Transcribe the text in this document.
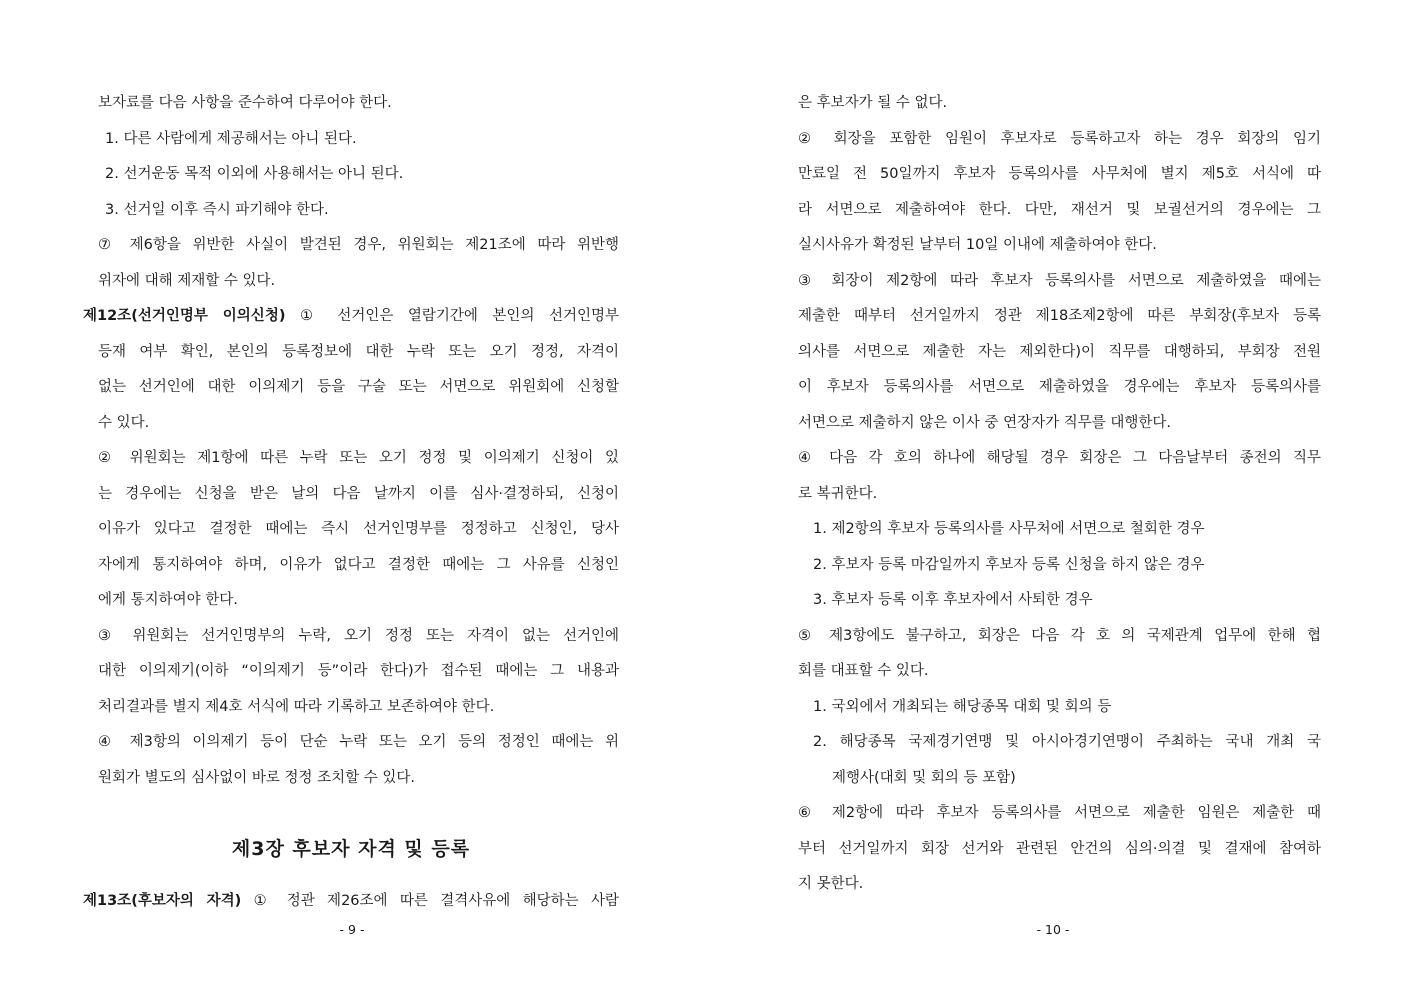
보자료를 다음 사항을 준수하여 다루어야 한다.
1. 다른 사람에게 제공해서는 아니 된다.
2. 선거운동 목적 이외에 사용해서는 아니 된다.
3. 선거일 이후 즉시 파기해야 한다.
⑦ 제6항을 위반한 사실이 발견된 경우, 위원회는 제21조에 따라 위반행
위자에 대해 제재할 수 있다.
제12조(선거인명부 이의신청) ① 선거인은 열람기간에 본인의 선거인명부
등재 여부 확인, 본인의 등록정보에 대한 누락 또는 오기 정정, 자격이
없는 선거인에 대한 이의제기 등을 구술 또는 서면으로 위원회에 신청할
수 있다.
② 위원회는 제1항에 따른 누락 또는 오기 정정 및 이의제기 신청이 있
는 경우에는 신청을 받은 날의 다음 날까지 이를 심사·결정하되, 신청이
이유가 있다고 결정한 때에는 즉시 선거인명부를 정정하고 신청인, 당사
자에게 통지하여야 하며, 이유가 없다고 결정한 때에는 그 사유를 신청인
에게 통지하여야 한다.
③ 위원회는 선거인명부의 누락, 오기 정정 또는 자격이 없는 선거인에
대한 이의제기(이하 “이의제기 등”이라 한다)가 접수된 때에는 그 내용과
처리결과를 별지 제4호 서식에 따라 기록하고 보존하여야 한다.
④ 제3항의 이의제기 등이 단순 누락 또는 오기 등의 정정인 때에는 위
원회가 별도의 심사없이 바로 정정 조치할 수 있다.
제3장 후보자 자격 및 등록
제13조(후보자의 자격) ① 정관 제26조에 따른 결격사유에 해당하는 사람
- 9 -
은 후보자가 될 수 없다.
② 회장을 포함한 임원이 후보자로 등록하고자 하는 경우 회장의 임기
만료일 전 50일까지 후보자 등록의사를 사무처에 별지 제5호 서식에 따
라 서면으로 제출하여야 한다. 다만, 재선거 및 보궐선거의 경우에는 그
실시사유가 확정된 날부터 10일 이내에 제출하여야 한다.
③ 회장이 제2항에 따라 후보자 등록의사를 서면으로 제출하였을 때에는
제출한 때부터 선거일까지 정관 제18조제2항에 따른 부회장(후보자 등록
의사를 서면으로 제출한 자는 제외한다)이 직무를 대행하되, 부회장 전원
이 후보자 등록의사를 서면으로 제출하였을 경우에는 후보자 등록의사를
서면으로 제출하지 않은 이사 중 연장자가 직무를 대행한다.
④ 다음 각 호의 하나에 해당될 경우 회장은 그 다음날부터 종전의 직무
로 복귀한다.
1. 제2항의 후보자 등록의사를 사무처에 서면으로 철회한 경우
2. 후보자 등록 마감일까지 후보자 등록 신청을 하지 않은 경우
3. 후보자 등록 이후 후보자에서 사퇴한 경우
⑤ 제3항에도 불구하고, 회장은 다음 각 호 의 국제관계 업무에 한해 협
회를 대표할 수 있다.
1. 국외에서 개최되는 해당종목 대회 및 회의 등
2. 해당종목 국제경기연맹 및 아시아경기연맹이 주최하는 국내 개최 국
제행사(대회 및 회의 등 포함)
⑥ 제2항에 따라 후보자 등록의사를 서면으로 제출한 임원은 제출한 때
부터 선거일까지 회장 선거와 관련된 안건의 심의·의결 및 결재에 참여하
지 못한다.
- 10 -
